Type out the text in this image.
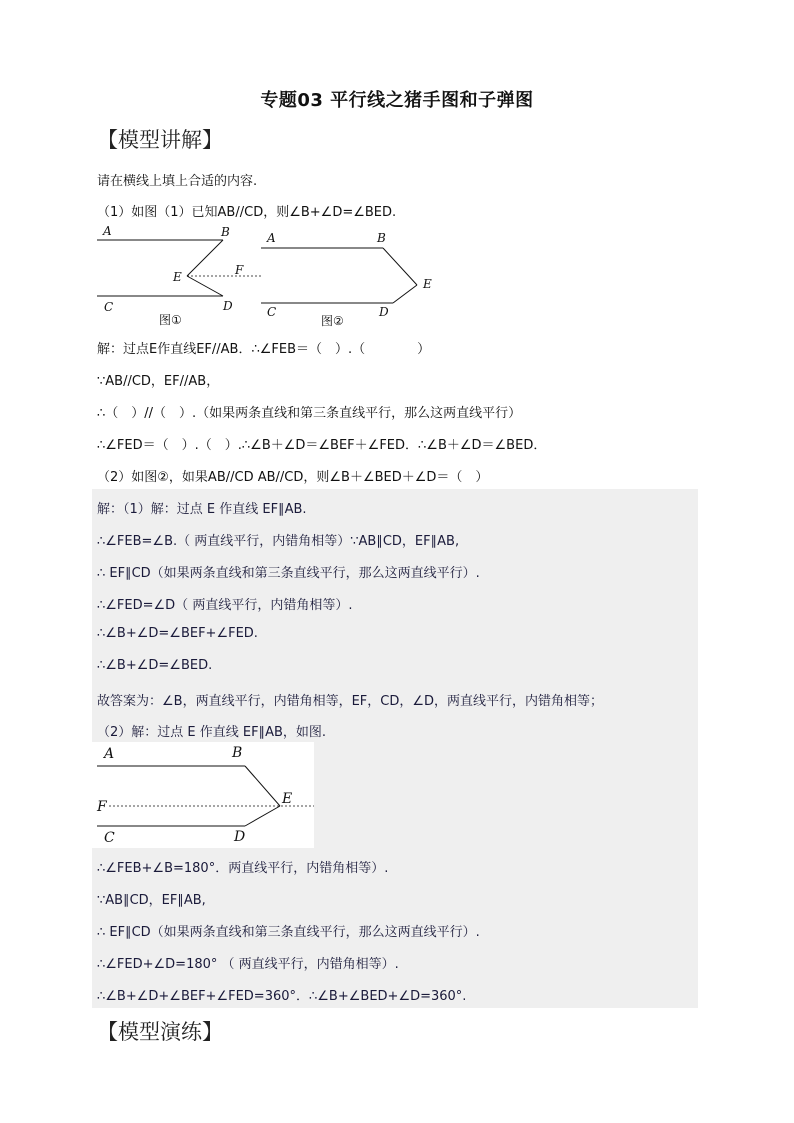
专题03 平行线之猪手图和子弹图
【模型讲解】
请在横线上填上合适的内容.
（1）如图（1）已知AB//CD，则∠B+∠D=∠BED.
A	B
E	F
C	D
图①
A	B
E
C	D
图②
解：过点E作直线EF//AB．∴∠FEB＝（　）.（　　　　）
∵AB//CD，EF//AB，
∴（　）//（　）.（如果两条直线和第三条直线平行，那么这两直线平行）
∴∠FED＝（　）.（　）.∴∠B＋∠D＝∠BEF＋∠FED．∴∠B＋∠D＝∠BED．
（2）如图②，如果AB//CD AB//CD，则∠B＋∠BED＋∠D＝（　）
解：（1）解：过点 E 作直线 EF∥AB.
∴∠FEB=∠B.（ 两直线平行，内错角相等）∵AB∥CD，EF∥AB,
∴ EF∥CD（如果两条直线和第三条直线平行，那么这两直线平行）.
∴∠FED=∠D（ 两直线平行，内错角相等）.
∴∠B+∠D=∠BEF+∠FED.
∴∠B+∠D=∠BED.
故答案为：∠B，两直线平行，内错角相等，EF，CD，∠D，两直线平行，内错角相等；
（2）解：过点 E 作直线 EF∥AB，如图.
A	B
F	E
C	D
∴∠FEB+∠B=180°．两直线平行，内错角相等）.
∵AB∥CD，EF∥AB,
∴ EF∥CD（如果两条直线和第三条直线平行，那么这两直线平行）.
∴∠FED+∠D=180° （ 两直线平行，内错角相等）.
∴∠B+∠D+∠BEF+∠FED=360°．∴∠B+∠BED+∠D=360°.
【模型演练】
